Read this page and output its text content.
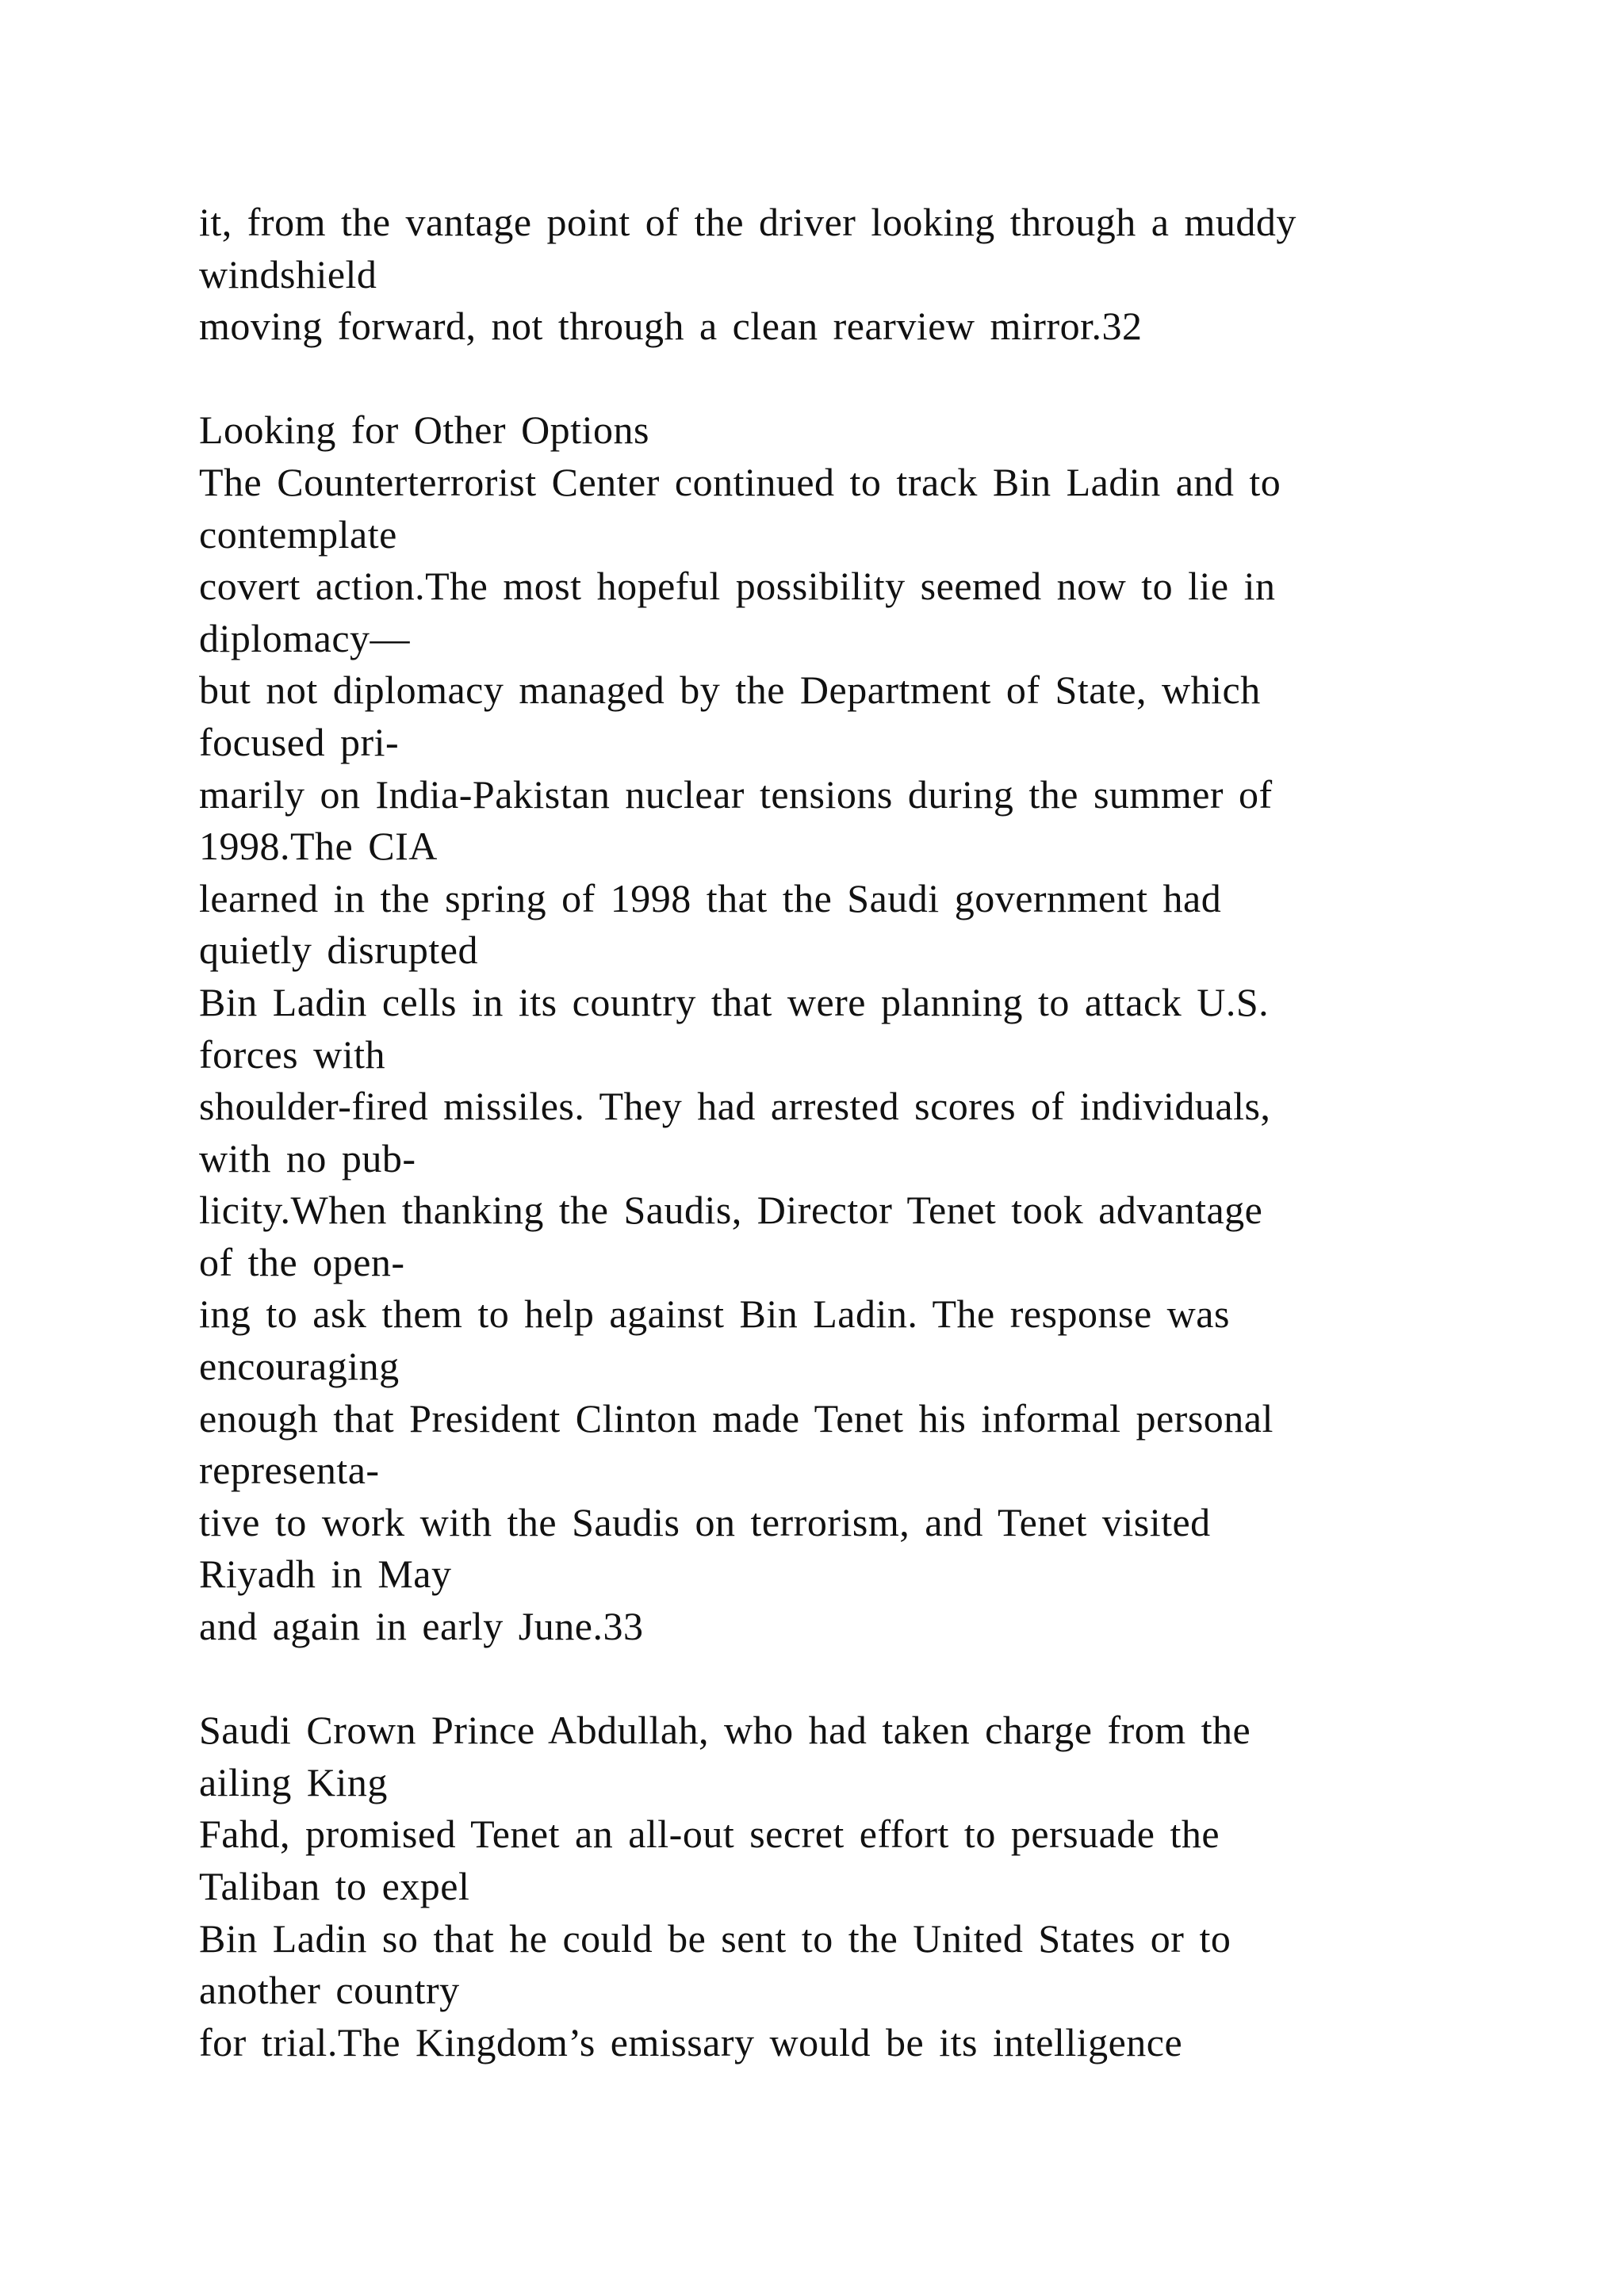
it, from the vantage point of the driver looking through a muddy
windshield
moving forward, not through a clean rearview mirror.32
Looking for Other Options
The Counterterrorist Center continued to track Bin Ladin and to
contemplate
covert action.The most hopeful possibility seemed now to lie in
diplomacy—
but not diplomacy managed by the Department of State, which
focused pri-
marily on India-Pakistan nuclear tensions during the summer of
1998.The CIA
learned in the spring of 1998 that the Saudi government had
quietly disrupted
Bin Ladin cells in its country that were planning to attack U.S.
forces with
shoulder-fired missiles. They had arrested scores of individuals,
with no pub-
licity.When thanking the Saudis, Director Tenet took advantage
of the open-
ing to ask them to help against Bin Ladin. The response was
encouraging
enough that President Clinton made Tenet his informal personal
representa-
tive to work with the Saudis on terrorism, and Tenet visited
Riyadh in May
and again in early June.33
Saudi Crown Prince Abdullah, who had taken charge from the
ailing King
Fahd, promised Tenet an all-out secret effort to persuade the
Taliban to expel
Bin Ladin so that he could be sent to the United States or to
another country
for trial.The Kingdom’s emissary would be its intelligence
